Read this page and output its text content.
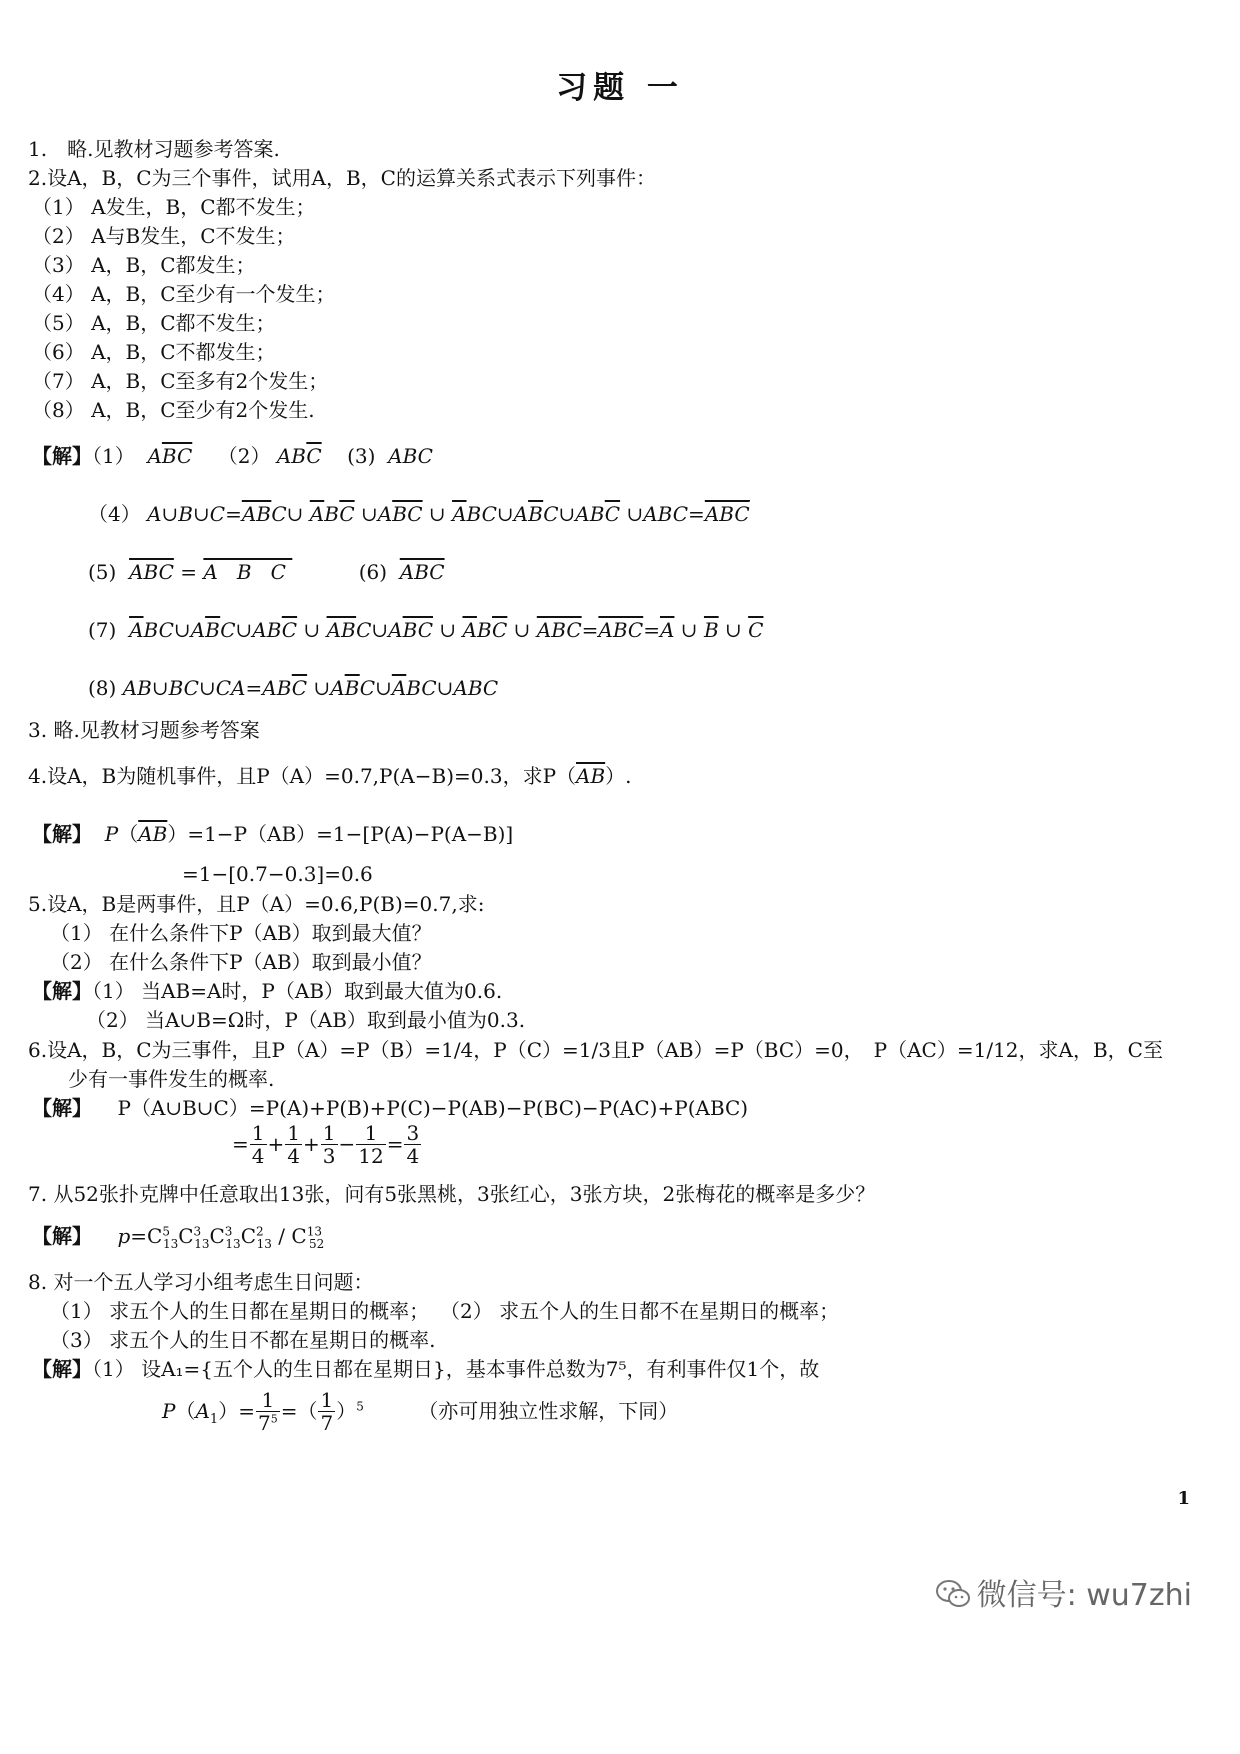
习题 一
1.　略.见教材习题参考答案.
2.设A，B，C为三个事件，试用A，B，C的运算关系式表示下列事件：
（1） A发生，B，C都不发生；
（2） A与B发生，C不发生；
（3） A，B，C都发生；
（4） A，B，C至少有一个发生；
（5） A，B，C都不发生；
（6） A，B，C不都发生；
（7） A，B，C至多有2个发生；
（8） A，B，C至少有2个发生.
【解】（1） $A\overline{BC}$ （2） $AB\overline{C}$    (3)  ABC
（4） $A\cup B\cup C=\overline{AB}C\cup$ $\overline{A}B\overline{C}$ $\cup A\overline{BC}$ ∪ $\overline{A}BC\cup A\overline{B}C\cup AB\overline{C}$ $\cup ABC=\overline{ABC}$
(5) $\overline{ABC} = A$   B   C	(6) $\overline{ABC}$
(7) $\overline{A}BC\cup A\overline{B}C\cup AB\overline{C}$ ∪ $\overline{AB}C\cup A\overline{BC}$ ∪ $\overline{A}B\overline{C}$ ∪ $\overline{ABC}=\overline{ABC}=\overline{A}$ ∪ $\overline{B}$ ∪ $\overline{C}$
(8) $AB\cup BC\cup CA=AB\overline{C}$ $\cup A\overline{B}C\cup\overline{A}BC\cup ABC$
3. 略.见教材习题参考答案
4.设A，B为随机事件，且P（A）=0.7,P(A−B)=0.3，求$P(\overline{AB})$.
【解】 $P(\overline{AB})=1-P(AB)=1-[P(A)-P(A-B)]$
=1−[0.7−0.3]=0.6
5.设A，B是两事件，且P（A）=0.6,P(B)=0.7,求:
（1） 在什么条件下P（AB）取到最大值？
（2） 在什么条件下P（AB）取到最小值？
【解】（1） 当AB=A时，P（AB）取到最大值为0.6.
（2） 当A∪B=Ω时，P（AB）取到最小值为0.3.
6.设A，B，C为三事件，且P（A）=P（B）=1/4，P（C）=1/3且P（AB）=P（BC）=0，　P（AC）=1/12，求A，B，C至
少有一事件发生的概率.
【解】 P（A∪B∪C）=P(A)+P(B)+P(C)−P(AB)−P(BC)−P(AC)+P(ABC)
= $\frac{1}{4} + \frac{1}{4} + \frac{1}{3} - \frac{1}{12} = \frac{3}{4}$
7. 从52张扑克牌中任意取出13张，问有5张黑桃，3张红心，3张方块，2张梅花的概率是多少？
【解】 $p=C^5_{13}C^3_{13}C^3_{13}C^2_{13} / C^{13}_{52}$
8. 对一个五人学习小组考虑生日问题：
（1） 求五个人的生日都在星期日的概率； （2） 求五个人的生日都不在星期日的概率；
（3） 求五个人的生日不都在星期日的概率.
【解】（1） 设A₁={五个人的生日都在星期日}，基本事件总数为7⁵，有利事件仅1个，故
$P(A_1)= \frac{1}{7^5}$ =（ $\frac{1}{7} )^5$	（亦可用独立性求解，下同）
1
微信号: wu7zhi
